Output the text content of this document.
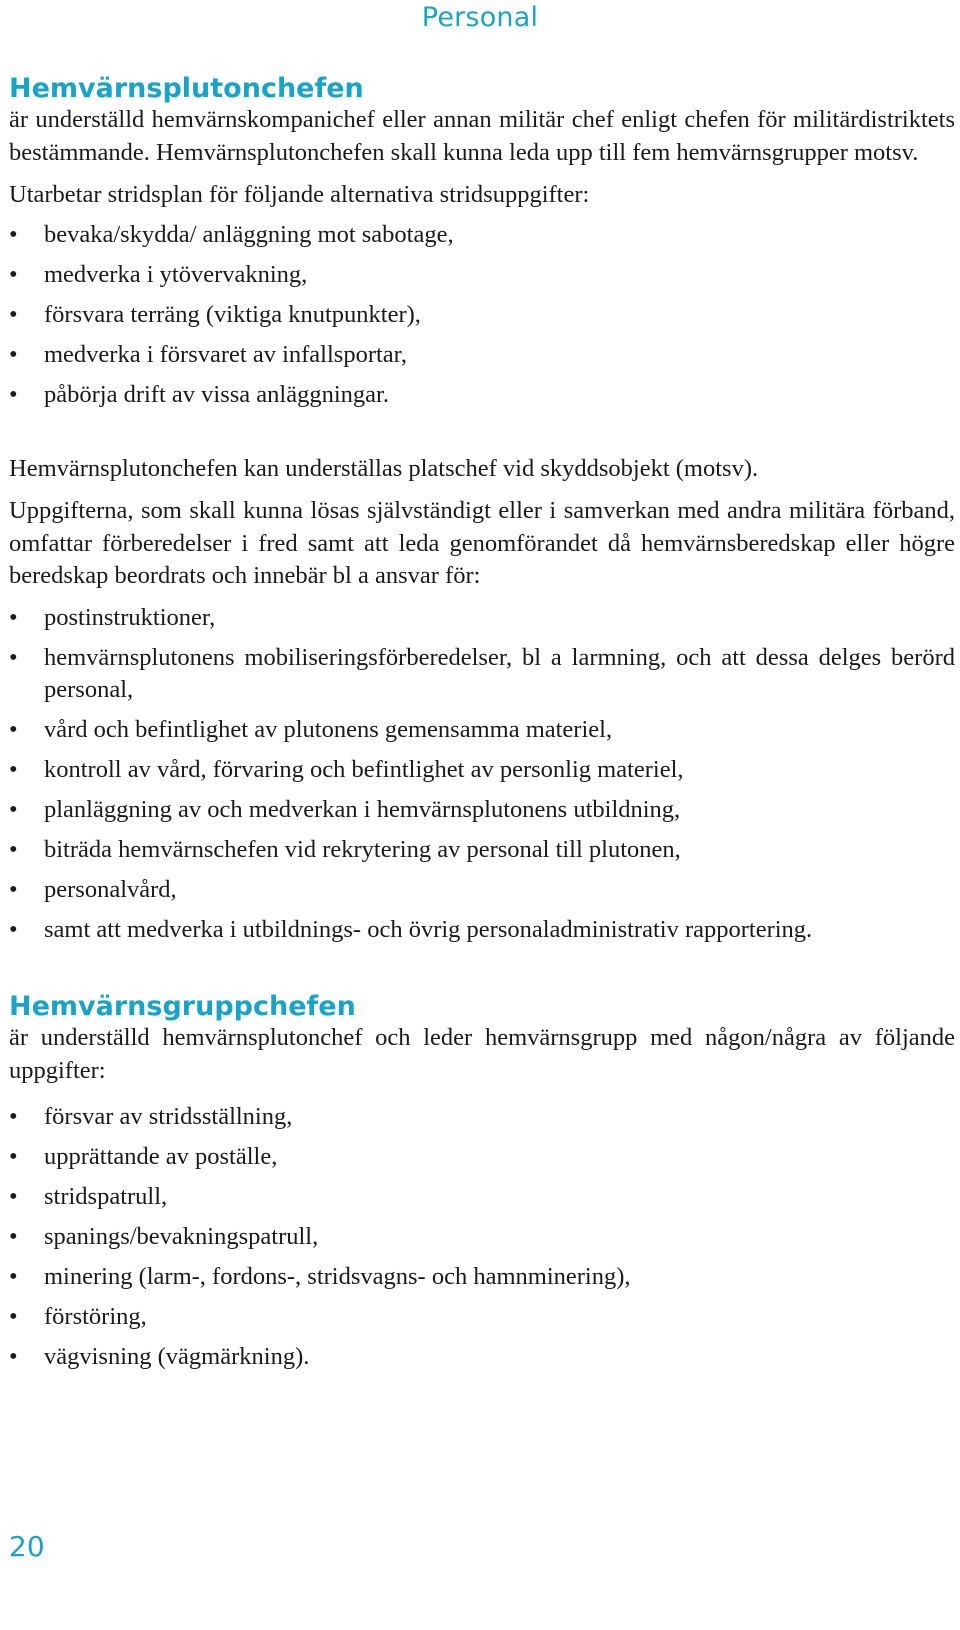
Personal
Hemvärnsplutonchefen

är underställd hemvärnskompanichef eller annan militär chef enligt chefen för militärdistriktets bestämmande. Hemvärnsplutonchefen skall kunna leda upp till fem hemvärnsgrupper motsv.

Utarbetar stridsplan för följande alternativa stridsuppgifter:

• bevaka/skydda/ anläggning mot sabotage,
• medverka i ytövervakning,
• försvara terräng (viktiga knutpunkter),
• medverka i försvaret av infallsportar,
• påbörja drift av vissa anläggningar.

Hemvärnsplutonchefen kan underställas platschef vid skyddsobjekt (motsv).

Uppgifterna, som skall kunna lösas självständigt eller i samverkan med andra militära förband, omfattar förberedelser i fred samt att leda genomförandet då hemvärnsberedskap eller högre beredskap beordrats och innebär bl a ansvar för:

• postinstruktioner,
• hemvärnsplutonens mobiliseringsförberedelser, bl a larmning, och att dessa delges berörd personal,
• vård och befintlighet av plutonens gemensamma materiel,
• kontroll av vård, förvaring och befintlighet av personlig materiel,
• planläggning av och medverkan i hemvärnsplutonens utbildning,
• biträda hemvärnschefen vid rekrytering av personal till plutonen,
• personalvård,
• samt att medverka i utbildnings- och övrig personaladministrativ rapportering.
Hemvärnsgruppchefen

är underställd hemvärnsplutonchef och leder hemvärnsgrupp med någon/några av följande uppgifter:

• försvar av stridsställning,
• upprättande av poställe,
• stridspatrull,
• spanings/bevakningspatrull,
• minering (larm-, fordons-, stridsvagns- och hamnminering),
• förstöring,
• vägvisning (vägmärkning).
20
